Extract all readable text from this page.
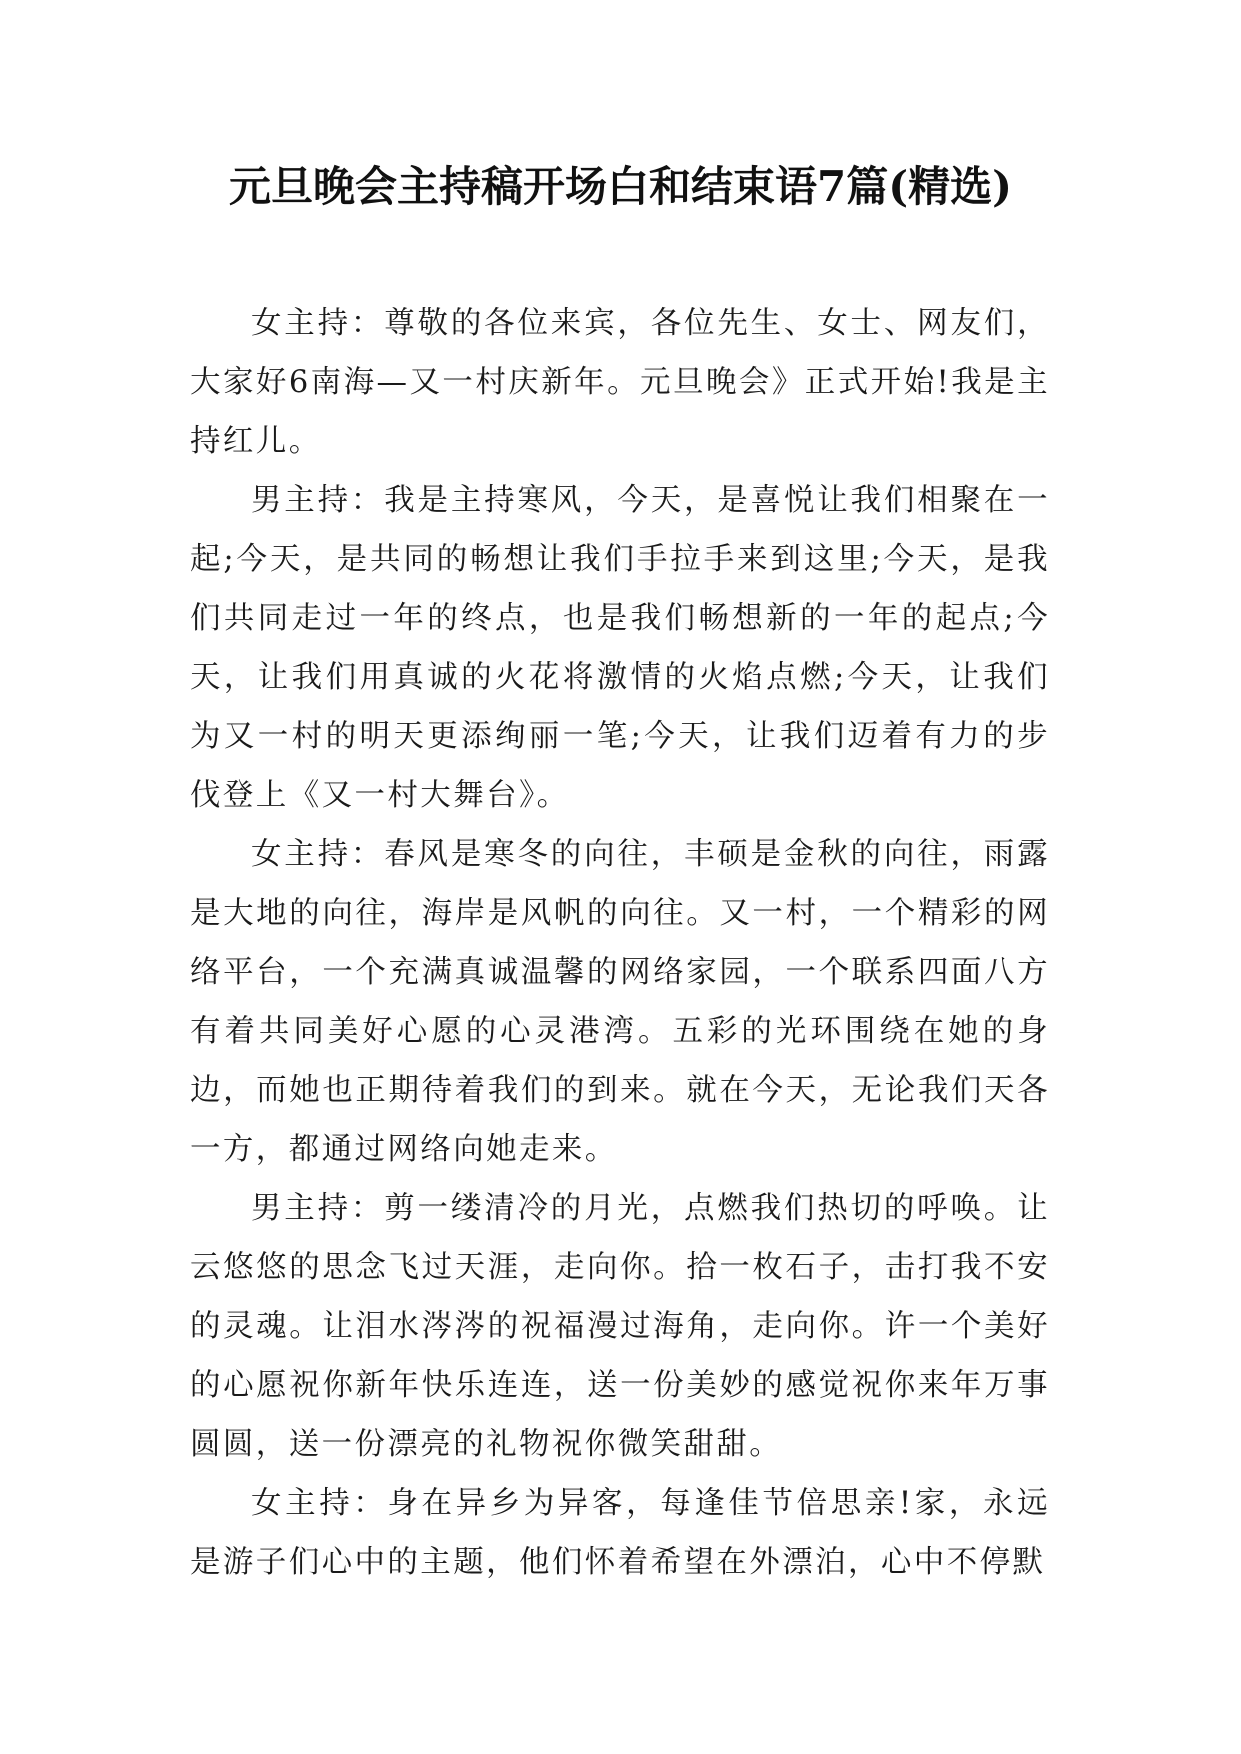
元旦晚会主持稿开场白和结束语7篇(精选)

女主持：尊敬的各位来宾，各位先生、女士、网友们，大家好6南海—又一村庆新年。元旦晚会》正式开始!我是主持红儿。

男主持：我是主持寒风，今天，是喜悦让我们相聚在一起;今天，是共同的畅想让我们手拉手来到这里;今天，是我们共同走过一年的终点，也是我们畅想新的一年的起点;今天，让我们用真诚的火花将激情的火焰点燃;今天，让我们为又一村的明天更添绚丽一笔;今天，让我们迈着有力的步伐登上《又一村大舞台》。

女主持：春风是寒冬的向往，丰硕是金秋的向往，雨露是大地的向往，海岸是风帆的向往。又一村，一个精彩的网络平台，一个充满真诚温馨的网络家园，一个联系四面八方有着共同美好心愿的心灵港湾。五彩的光环围绕在她的身边，而她也正期待着我们的到来。就在今天，无论我们天各一方，都通过网络向她走来。

男主持：剪一缕清冷的月光，点燃我们热切的呼唤。让云悠悠的思念飞过天涯，走向你。拾一枚石子，击打我不安的灵魂。让泪水涔涔的祝福漫过海角，走向你。许一个美好的心愿祝你新年快乐连连，送一份美妙的感觉祝你来年万事圆圆，送一份漂亮的礼物祝你微笑甜甜。

女主持：身在异乡为异客，每逢佳节倍思亲!家，永远是游子们心中的主题，他们怀着希望在外漂泊，心中不停默
